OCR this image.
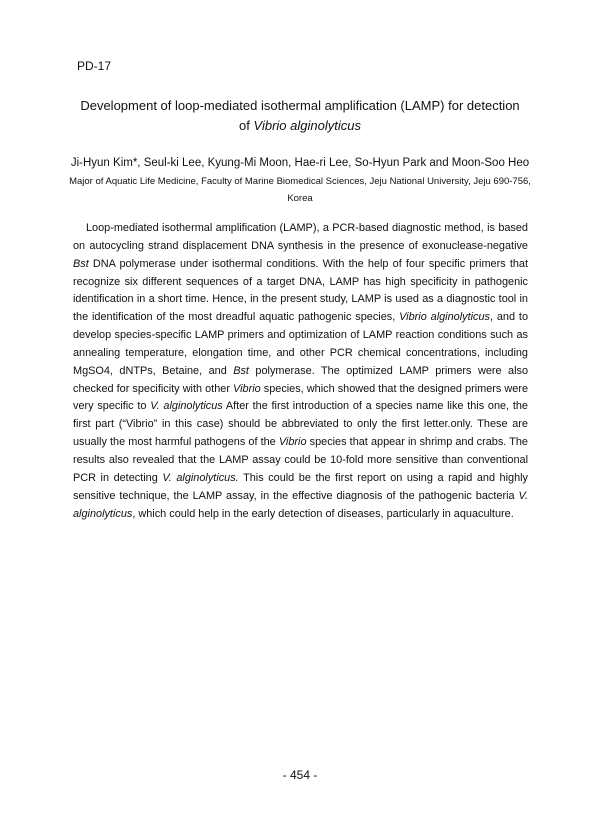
PD-17
Development of loop-mediated isothermal amplification (LAMP) for detection
of Vibrio alginolyticus
Ji-Hyun Kim*, Seul-ki Lee, Kyung-Mi Moon, Hae-ri Lee, So-Hyun Park and Moon-Soo Heo
Major of Aquatic Life Medicine, Faculty of Marine Biomedical Sciences, Jeju National University, Jeju 690-756, Korea

Loop-mediated isothermal amplification (LAMP), a PCR-based diagnostic method, is based on autocycling strand displacement DNA synthesis in the presence of exonuclease-negative Bst DNA polymerase under isothermal conditions. With the help of four specific primers that recognize six different sequences of a target DNA, LAMP has high specificity in pathogenic identification in a short time. Hence, in the present study, LAMP is used as a diagnostic tool in the identification of the most dreadful aquatic pathogenic species, Vibrio alginolyticus, and to develop species-specific LAMP primers and optimization of LAMP reaction conditions such as annealing temperature, elongation time, and other PCR chemical concentrations, including MgSO4, dNTPs, Betaine, and Bst polymerase. The optimized LAMP primers were also checked for specificity with other Vibrio species, which showed that the designed primers were very specific to V. alginolyticus After the first introduction of a species name like this one, the first part (“Vibrio” in this case) should be abbreviated to only the first letter.only. These are usually the most harmful pathogens of the Vibrio species that appear in shrimp and crabs. The results also revealed that the LAMP assay could be 10-fold more sensitive than conventional PCR in detecting V. alginolyticus. This could be the first report on using a rapid and highly sensitive technique, the LAMP assay, in the effective diagnosis of the pathogenic bacteria V. alginolyticus, which could help in the early detection of diseases, particularly in aquaculture.

- 454 -
